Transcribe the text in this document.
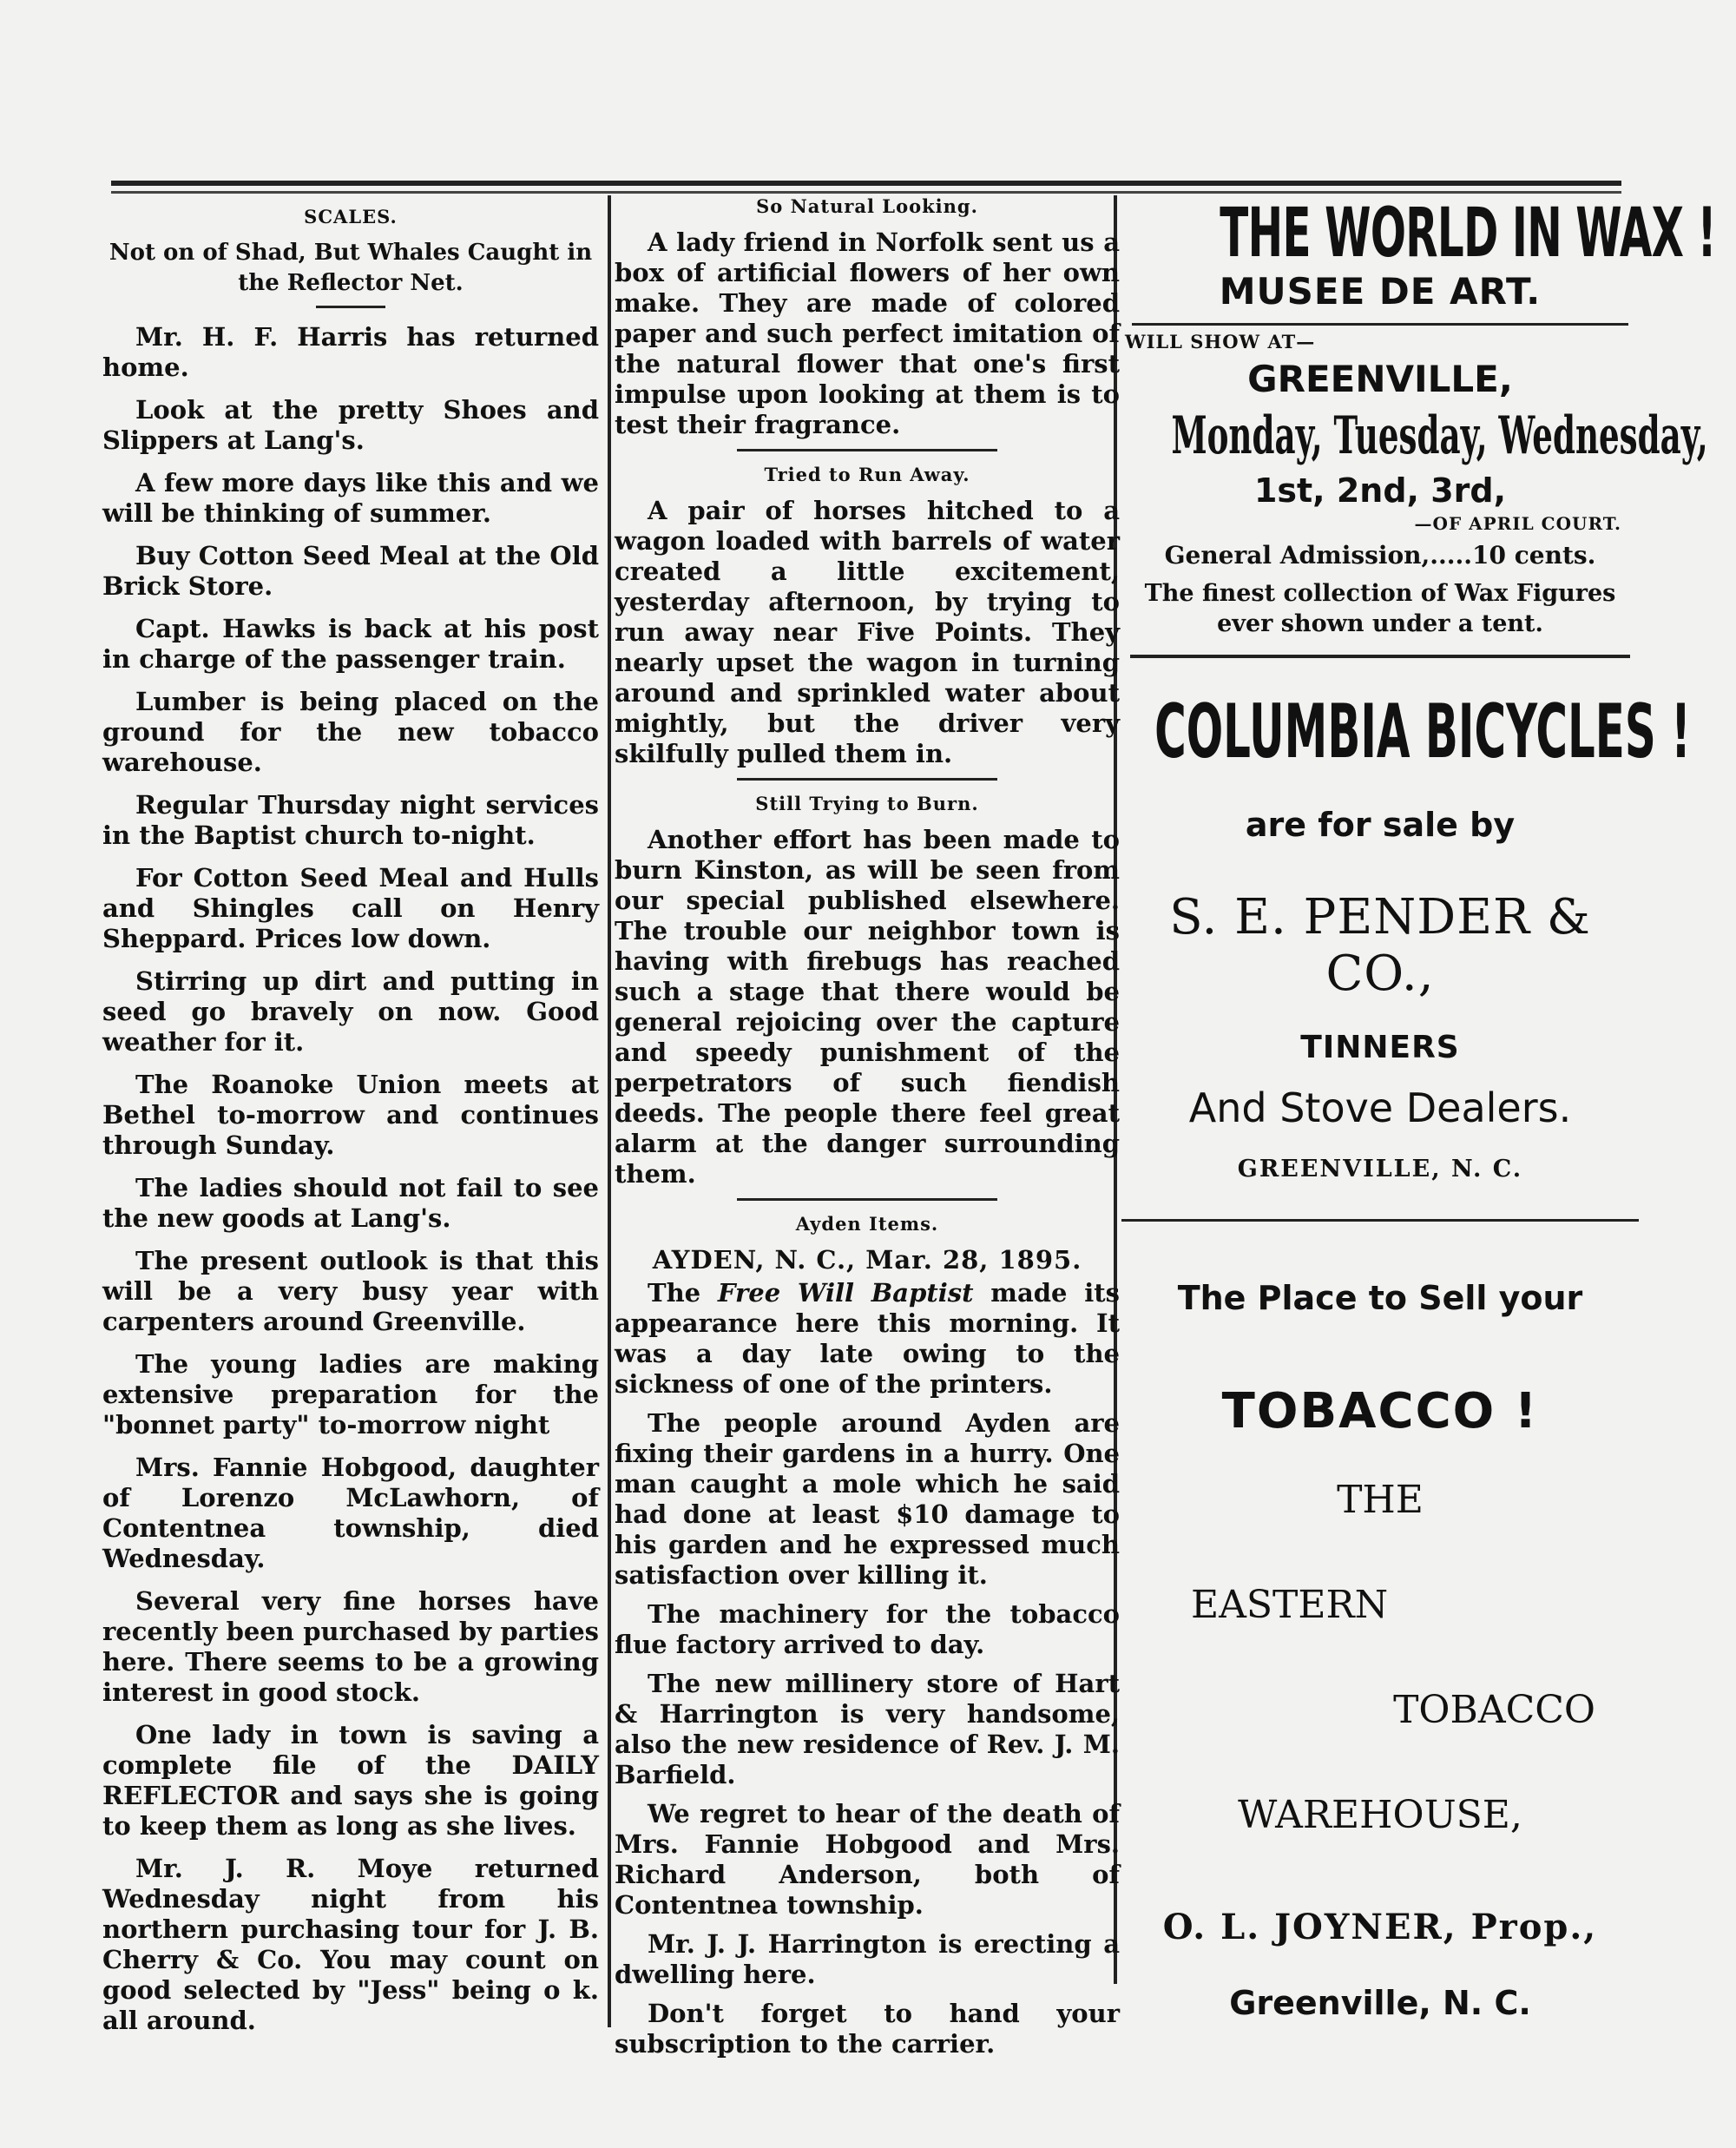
SCALES.
Not on of Shad, But Whales Caught in the Reflector Net.

Mr. H. F. Harris has returned home.

Look at the pretty Shoes and Slippers at Lang's.

A few more days like this and we will be thinking of summer.

Buy Cotton Seed Meal at the Old Brick Store.

Capt. Hawks is back at his post in charge of the passenger train.

Lumber is being placed on the ground for the new tobacco warehouse.

Regular Thursday night services in the Baptist church to-night.

For Cotton Seed Meal and Hulls and Shingles call on Henry Sheppard. Prices low down.

Stirring up dirt and putting in seed go bravely on now. Good weather for it.

The Roanoke Union meets at Bethel to-morrow and continues through Sunday.

The ladies should not fail to see the new goods at Lang's.

The present outlook is that this will be a very busy year with carpenters around Greenville.

The young ladies are making extensive preparation for the "bonnet party" to-morrow night

Mrs. Fannie Hobgood, daughter of Lorenzo McLawhorn, of Contentnea township, died Wednesday.

Several very fine horses have recently been purchased by parties here. There seems to be a growing interest in good stock.

One lady in town is saving a complete file of the DAILY REFLECTOR and says she is going to keep them as long as she lives.

Mr. J. R. Moye returned Wednesday night from his northern purchasing tour for J. B. Cherry & Co. You may count on good selected by "Jess" being o k. all around.

So Natural Looking.

A lady friend in Norfolk sent us a box of artificial flowers of her own make. They are made of colored paper and such perfect imitation of the natural flower that one's first impulse upon looking at them is to test their fragrance.

Tried to Run Away.

A pair of horses hitched to a wagon loaded with barrels of water created a little excitement, yesterday afternoon, by trying to run away near Five Points. They nearly upset the wagon in turning around and sprinkled water about mightly, but the driver very skilfully pulled them in.

Still Trying to Burn.

Another effort has been made to burn Kinston, as will be seen from our special published elsewhere. The trouble our neighbor town is having with firebugs has reached such a stage that there would be general rejoicing over the capture and speedy punishment of the perpetrators of such fiendish deeds. The people there feel great alarm at the danger surrounding them.

Ayden Items.
AYDEN, N. C., Mar. 28, 1895.

The Free Will Baptist made its appearance here this morning. It was a day late owing to the sickness of one of the printers.

The people around Ayden are fixing their gardens in a hurry. One man caught a mole which he said had done at least $10 damage to his garden and he expressed much satisfaction over killing it.

The machinery for the tobacco flue factory arrived to day.

The new millinery store of Hart & Harrington is very handsome, also the new residence of Rev. J. M. Barfield.

We regret to hear of the death of Mrs. Fannie Hobgood and Mrs. Richard Anderson, both of Contentnea township.

Mr. J. J. Harrington is erecting a dwelling here.

Don't forget to hand your subscription to the carrier.

THE WORLD IN WAX !
MUSEE DE ART.
WILL SHOW AT—
GREENVILLE,
Monday, Tuesday, Wednesday,
1st, 2nd, 3rd,
—OF APRIL COURT.
General Admission,.....10 cents.
The finest collection of Wax Figures ever shown under a tent.
COLUMBIA BICYCLES !
are for sale by
S. E. PENDER & CO.,
TINNERS
And Stove Dealers.
GREENVILLE, N. C.
The Place to Sell your
TOBACCO !
THE
EASTERN
TOBACCO
WAREHOUSE,
O. L. JOYNER, Prop.,
Greenville, N. C.
